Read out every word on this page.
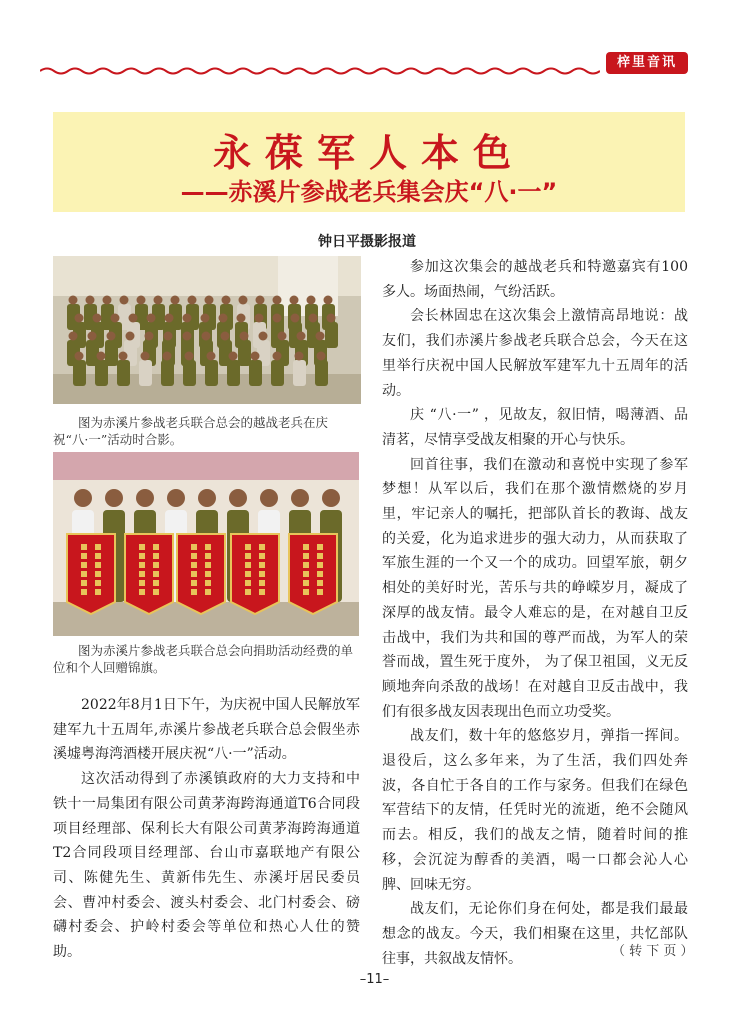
梓里音讯
永葆军人本色
——赤溪片参战老兵集会庆“八·一”
钟日平摄影报道
图为赤溪片参战老兵联合总会的越战老兵在庆祝“八·一”活动时合影。
图为赤溪片参战老兵联合总会向捐助活动经费的单位和个人回赠锦旗。

2022年8月1日下午，为庆祝中国人民解放军建军九十五周年,赤溪片参战老兵联合总会假坐赤溪墟粤海湾酒楼开展庆祝“八·一”活动。

这次活动得到了赤溪镇政府的大力支持和中铁十一局集团有限公司黄茅海跨海通道T6合同段项目经理部、保利长大有限公司黄茅海跨海通道T2合同段项目经理部、台山市嘉联地产有限公司、陈健先生、黄新伟先生、赤溪圩居民委员会、曹冲村委会、渡头村委会、北门村委会、磅礴村委会、护岭村委会等单位和热心人仕的赞助。

参加这次集会的越战老兵和特邀嘉宾有100多人。场面热闹，气纷活跃。

会长林固忠在这次集会上激情高昂地说：战友们，我们赤溪片参战老兵联合总会，今天在这里举行庆祝中国人民解放军建军九十五周年的活动。

庆 “八·一” ，见故友，叙旧情，喝薄酒、品清茗，尽情享受战友相聚的开心与快乐。

回首往事，我们在激动和喜悦中实现了参军梦想！从军以后，我们在那个激情燃烧的岁月里，牢记亲人的嘱托，把部队首长的教诲、战友的关爱，化为追求进步的强大动力，从而获取了军旅生涯的一个又一个的成功。回望军旅，朝夕相处的美好时光，苦乐与共的峥嵘岁月，凝成了深厚的战友情。最令人难忘的是，在对越自卫反击战中，我们为共和国的尊严而战，为军人的荣誉而战，置生死于度外， 为了保卫祖国，义无反顾地奔向杀敌的战场！在对越自卫反击战中，我们有很多战友因表现出色而立功受奖。

战友们，数十年的悠悠岁月，弹指一挥间。退役后，这么多年来，为了生活，我们四处奔波，各自忙于各自的工作与家务。但我们在绿色军营结下的友情，任凭时光的流逝，绝不会随风而去。相反，我们的战友之情，随着时间的推移，会沉淀为醇香的美酒，喝一口都会沁人心脾、回味无穷。

战友们，无论你们身在何处，都是我们最最想念的战友。今天，我们相聚在这里，共忆部队往事，共叙战友情怀。	（ 转 下 页 ）
–11–
